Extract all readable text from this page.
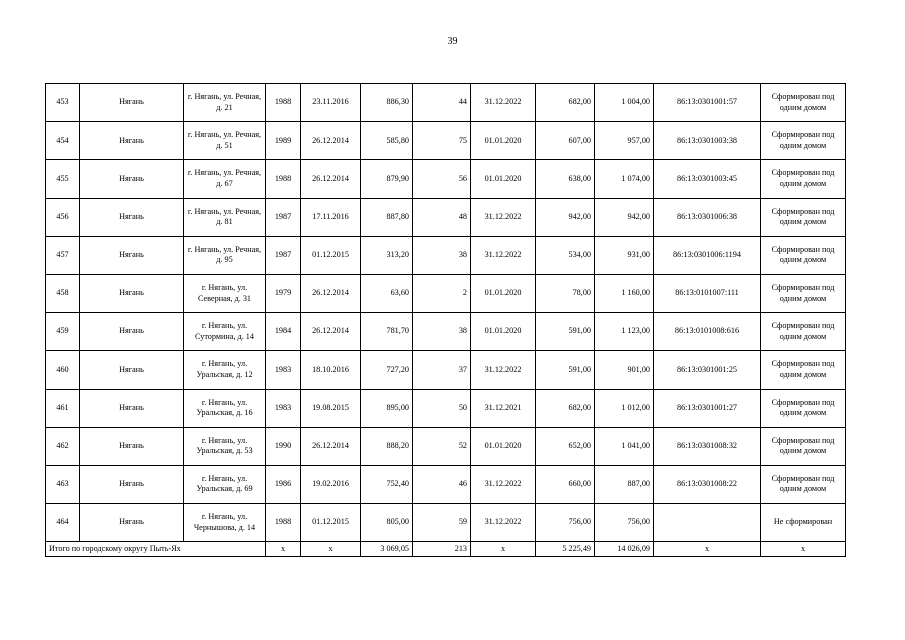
39
453	Нягань	г. Нягань, ул. Речная, д. 21	1988	23.11.2016	886,30	44	31.12.2022	682,00	1 004,00	86:13:0301001:57	Сформирован под одним домом
454	Нягань	г. Нягань, ул. Речная, д. 51	1989	26.12.2014	585,80	75	01.01.2020	607,00	957,00	86:13:0301003:38	Сформирован под одним домом
455	Нягань	г. Нягань, ул. Речная, д. 67	1988	26.12.2014	879,90	56	01.01.2020	638,00	1 074,00	86:13:0301003:45	Сформирован под одним домом
456	Нягань	г. Нягань, ул. Речная, д. 81	1987	17.11.2016	887,80	48	31.12.2022	942,00	942,00	86:13:0301006:38	Сформирован под одним домом
457	Нягань	г. Нягань, ул. Речная, д. 95	1987	01.12.2015	313,20	38	31.12.2022	534,00	931,00	86:13:0301006:1194	Сформирован под одним домом
458	Нягань	г. Нягань, ул. Северная, д. 31	1979	26.12.2014	63,60	2	01.01.2020	78,00	1 160,00	86:13:0101007:111	Сформирован под одним домом
459	Нягань	г. Нягань, ул. Сутормина, д. 14	1984	26.12.2014	781,70	38	01.01.2020	591,00	1 123,00	86:13:0101008:616	Сформирован под одним домом
460	Нягань	г. Нягань, ул. Уральская, д. 12	1983	18.10.2016	727,20	37	31.12.2022	591,00	901,00	86:13:0301001:25	Сформирован под одним домом
461	Нягань	г. Нягань, ул. Уральская, д. 16	1983	19.08.2015	895,00	50	31.12.2021	682,00	1 012,00	86:13:0301001:27	Сформирован под одним домом
462	Нягань	г. Нягань, ул. Уральская, д. 53	1990	26.12.2014	888,20	52	01.01.2020	652,00	1 041,00	86:13:0301008:32	Сформирован под одним домом
463	Нягань	г. Нягань, ул. Уральская, д. 69	1986	19.02.2016	752,40	46	31.12.2022	660,00	887,00	86:13:0301008:22	Сформирован под одним домом
464	Нягань	г. Нягань, ул. Чернышова, д. 14	1988	01.12.2015	805,00	59	31.12.2022	756,00	756,00		Не сформирован
Итого по городскому округу Пыть-Ях			х	х	3 069,05	213	х	5 225,49	14 026,09	х	х
